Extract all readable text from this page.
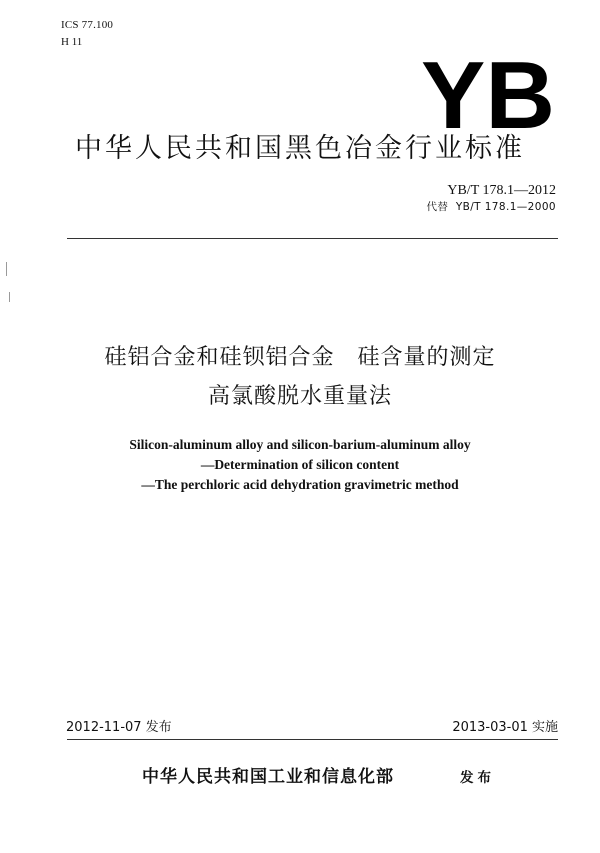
ICS 77.100
H 11	YB
中华人民共和国黑色冶金行业标准
YB/T 178.1—2012
代替 YB/T 178.1—2000
硅铝合金和硅钡铝合金　硅含量的测定
高氯酸脱水重量法
Silicon-aluminum alloy and silicon-barium-aluminum alloy
—Determination of silicon content
—The perchloric acid dehydration gravimetric method
2012-11-07 发布	2013-03-01 实施
中华人民共和国工业和信息化部	发布
